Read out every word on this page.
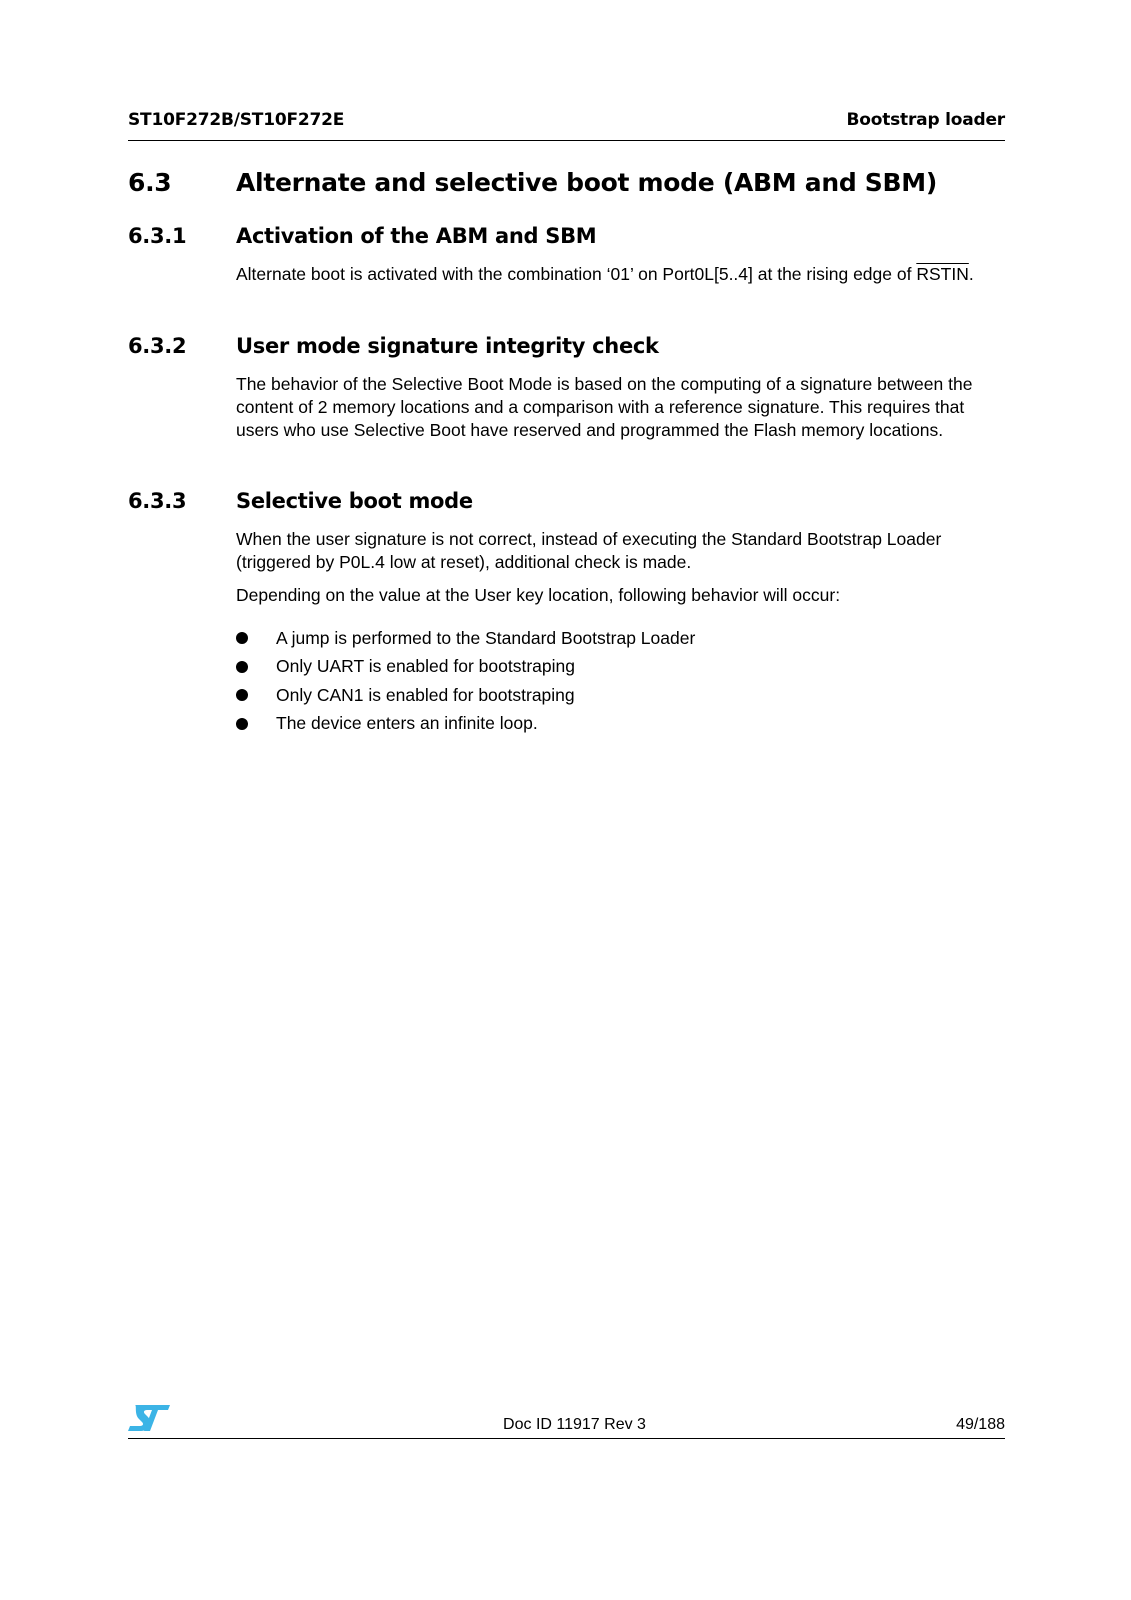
ST10F272B/ST10F272E	Bootstrap loader
6.3	Alternate and selective boot mode (ABM and SBM)
6.3.1	Activation of the ABM and SBM

Alternate boot is activated with the combination ‘01’ on Port0L[5..4] at the rising edge of RSTIN.

6.3.2	User mode signature integrity check

The behavior of the Selective Boot Mode is based on the computing of a signature between the content of 2 memory locations and a comparison with a reference signature. This requires that users who use Selective Boot have reserved and programmed the Flash memory locations.

6.3.3	Selective boot mode

When the user signature is not correct, instead of executing the Standard Bootstrap Loader (triggered by P0L.4 low at reset), additional check is made.

Depending on the value at the User key location, following behavior will occur:

A jump is performed to the Standard Bootstrap Loader
Only UART is enabled for bootstraping
Only CAN1 is enabled for bootstraping
The device enters an infinite loop.
Doc ID 11917 Rev 3	49/188
